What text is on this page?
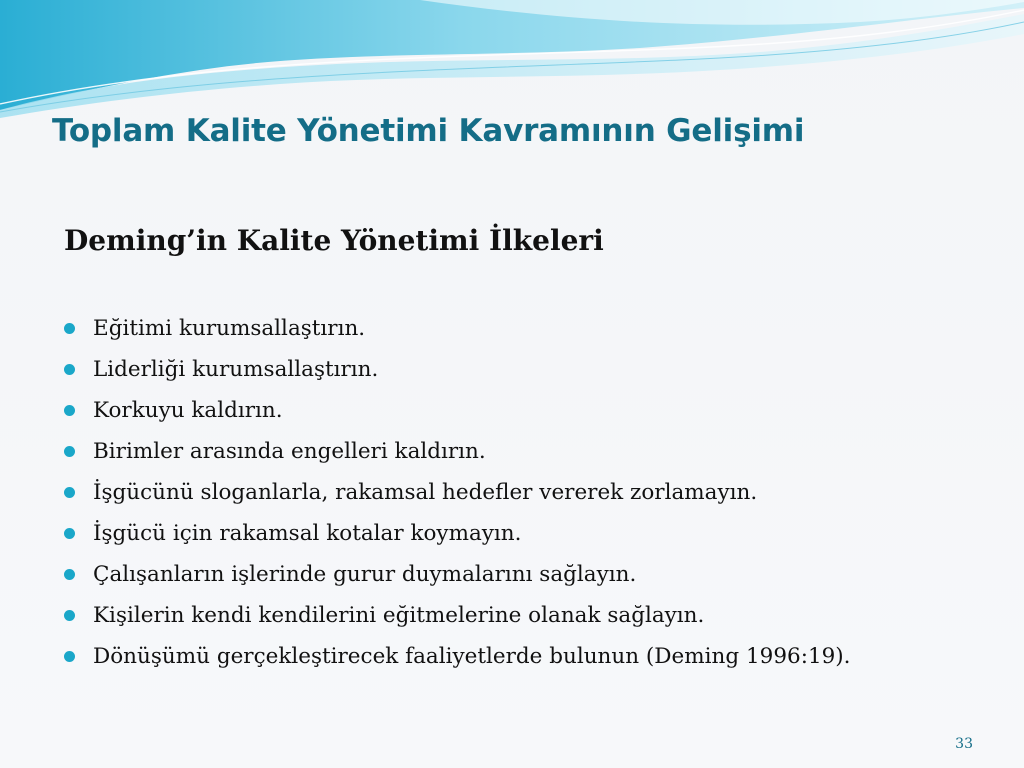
Toplam Kalite Yönetimi Kavramının Gelişimi
Deming’in Kalite Yönetimi İlkeleri
Eğitimi kurumsallaştırın.
Liderliği kurumsallaştırın.
Korkuyu kaldırın.
Birimler arasında engelleri kaldırın.
İşgücünü sloganlarla, rakamsal hedefler vererek zorlamayın.
İşgücü için rakamsal kotalar koymayın.
Çalışanların işlerinde gurur duymalarını sağlayın.
Kişilerin kendi kendilerini eğitmelerine olanak sağlayın.
Dönüşümü gerçekleştirecek faaliyetlerde bulunun (Deming 1996:19).
33
